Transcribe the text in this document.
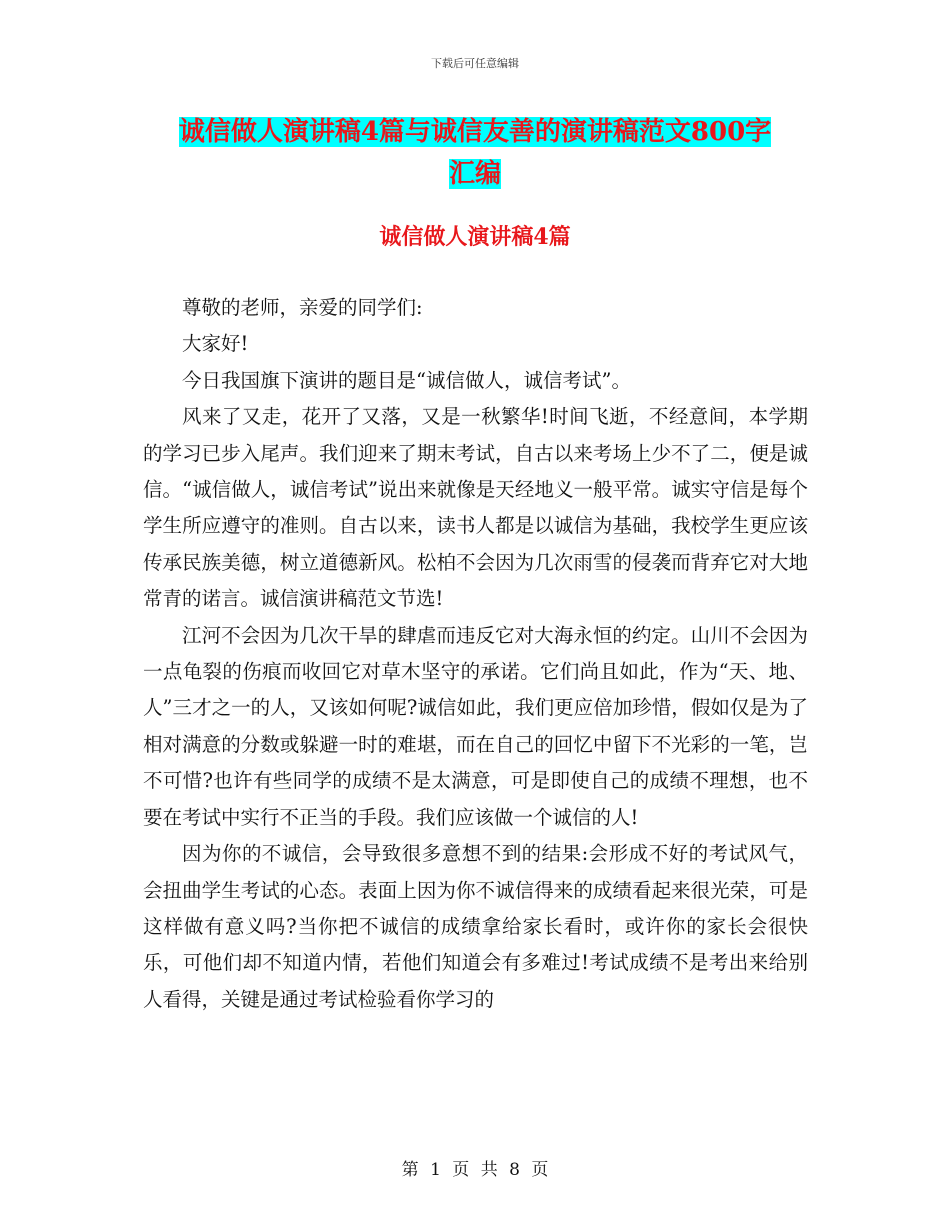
下载后可任意编辑
诚信做人演讲稿4篇与诚信友善的演讲稿范文800字
汇编
诚信做人演讲稿4篇

尊敬的老师，亲爱的同学们:

大家好!

今日我国旗下演讲的题目是“诚信做人，诚信考试”。

风来了又走，花开了又落，又是一秋繁华!时间飞逝，不经意间，本学期的学习已步入尾声。我们迎来了期末考试，自古以来考场上少不了二，便是诚信。“诚信做人，诚信考试”说出来就像是天经地义一般平常。诚实守信是每个学生所应遵守的准则。自古以来，读书人都是以诚信为基础，我校学生更应该传承民族美德，树立道德新风。松柏不会因为几次雨雪的侵袭而背弃它对大地常青的诺言。诚信演讲稿范文节选!

江河不会因为几次干旱的肆虐而违反它对大海永恒的约定。山川不会因为一点龟裂的伤痕而收回它对草木坚守的承诺。它们尚且如此，作为“天、地、人”三才之一的人，又该如何呢?诚信如此，我们更应倍加珍惜，假如仅是为了相对满意的分数或躲避一时的难堪，而在自己的回忆中留下不光彩的一笔，岂不可惜?也许有些同学的成绩不是太满意，可是即使自己的成绩不理想，也不要在考试中实行不正当的手段。我们应该做一个诚信的人!

因为你的不诚信，会导致很多意想不到的结果:会形成不好的考试风气，会扭曲学生考试的心态。表面上因为你不诚信得来的成绩看起来很光荣，可是这样做有意义吗?当你把不诚信的成绩拿给家长看时，或许你的家长会很快乐，可他们却不知道内情，若他们知道会有多难过!考试成绩不是考出来给别人看得，关键是通过考试检验看你学习的

第 1 页 共 8 页
